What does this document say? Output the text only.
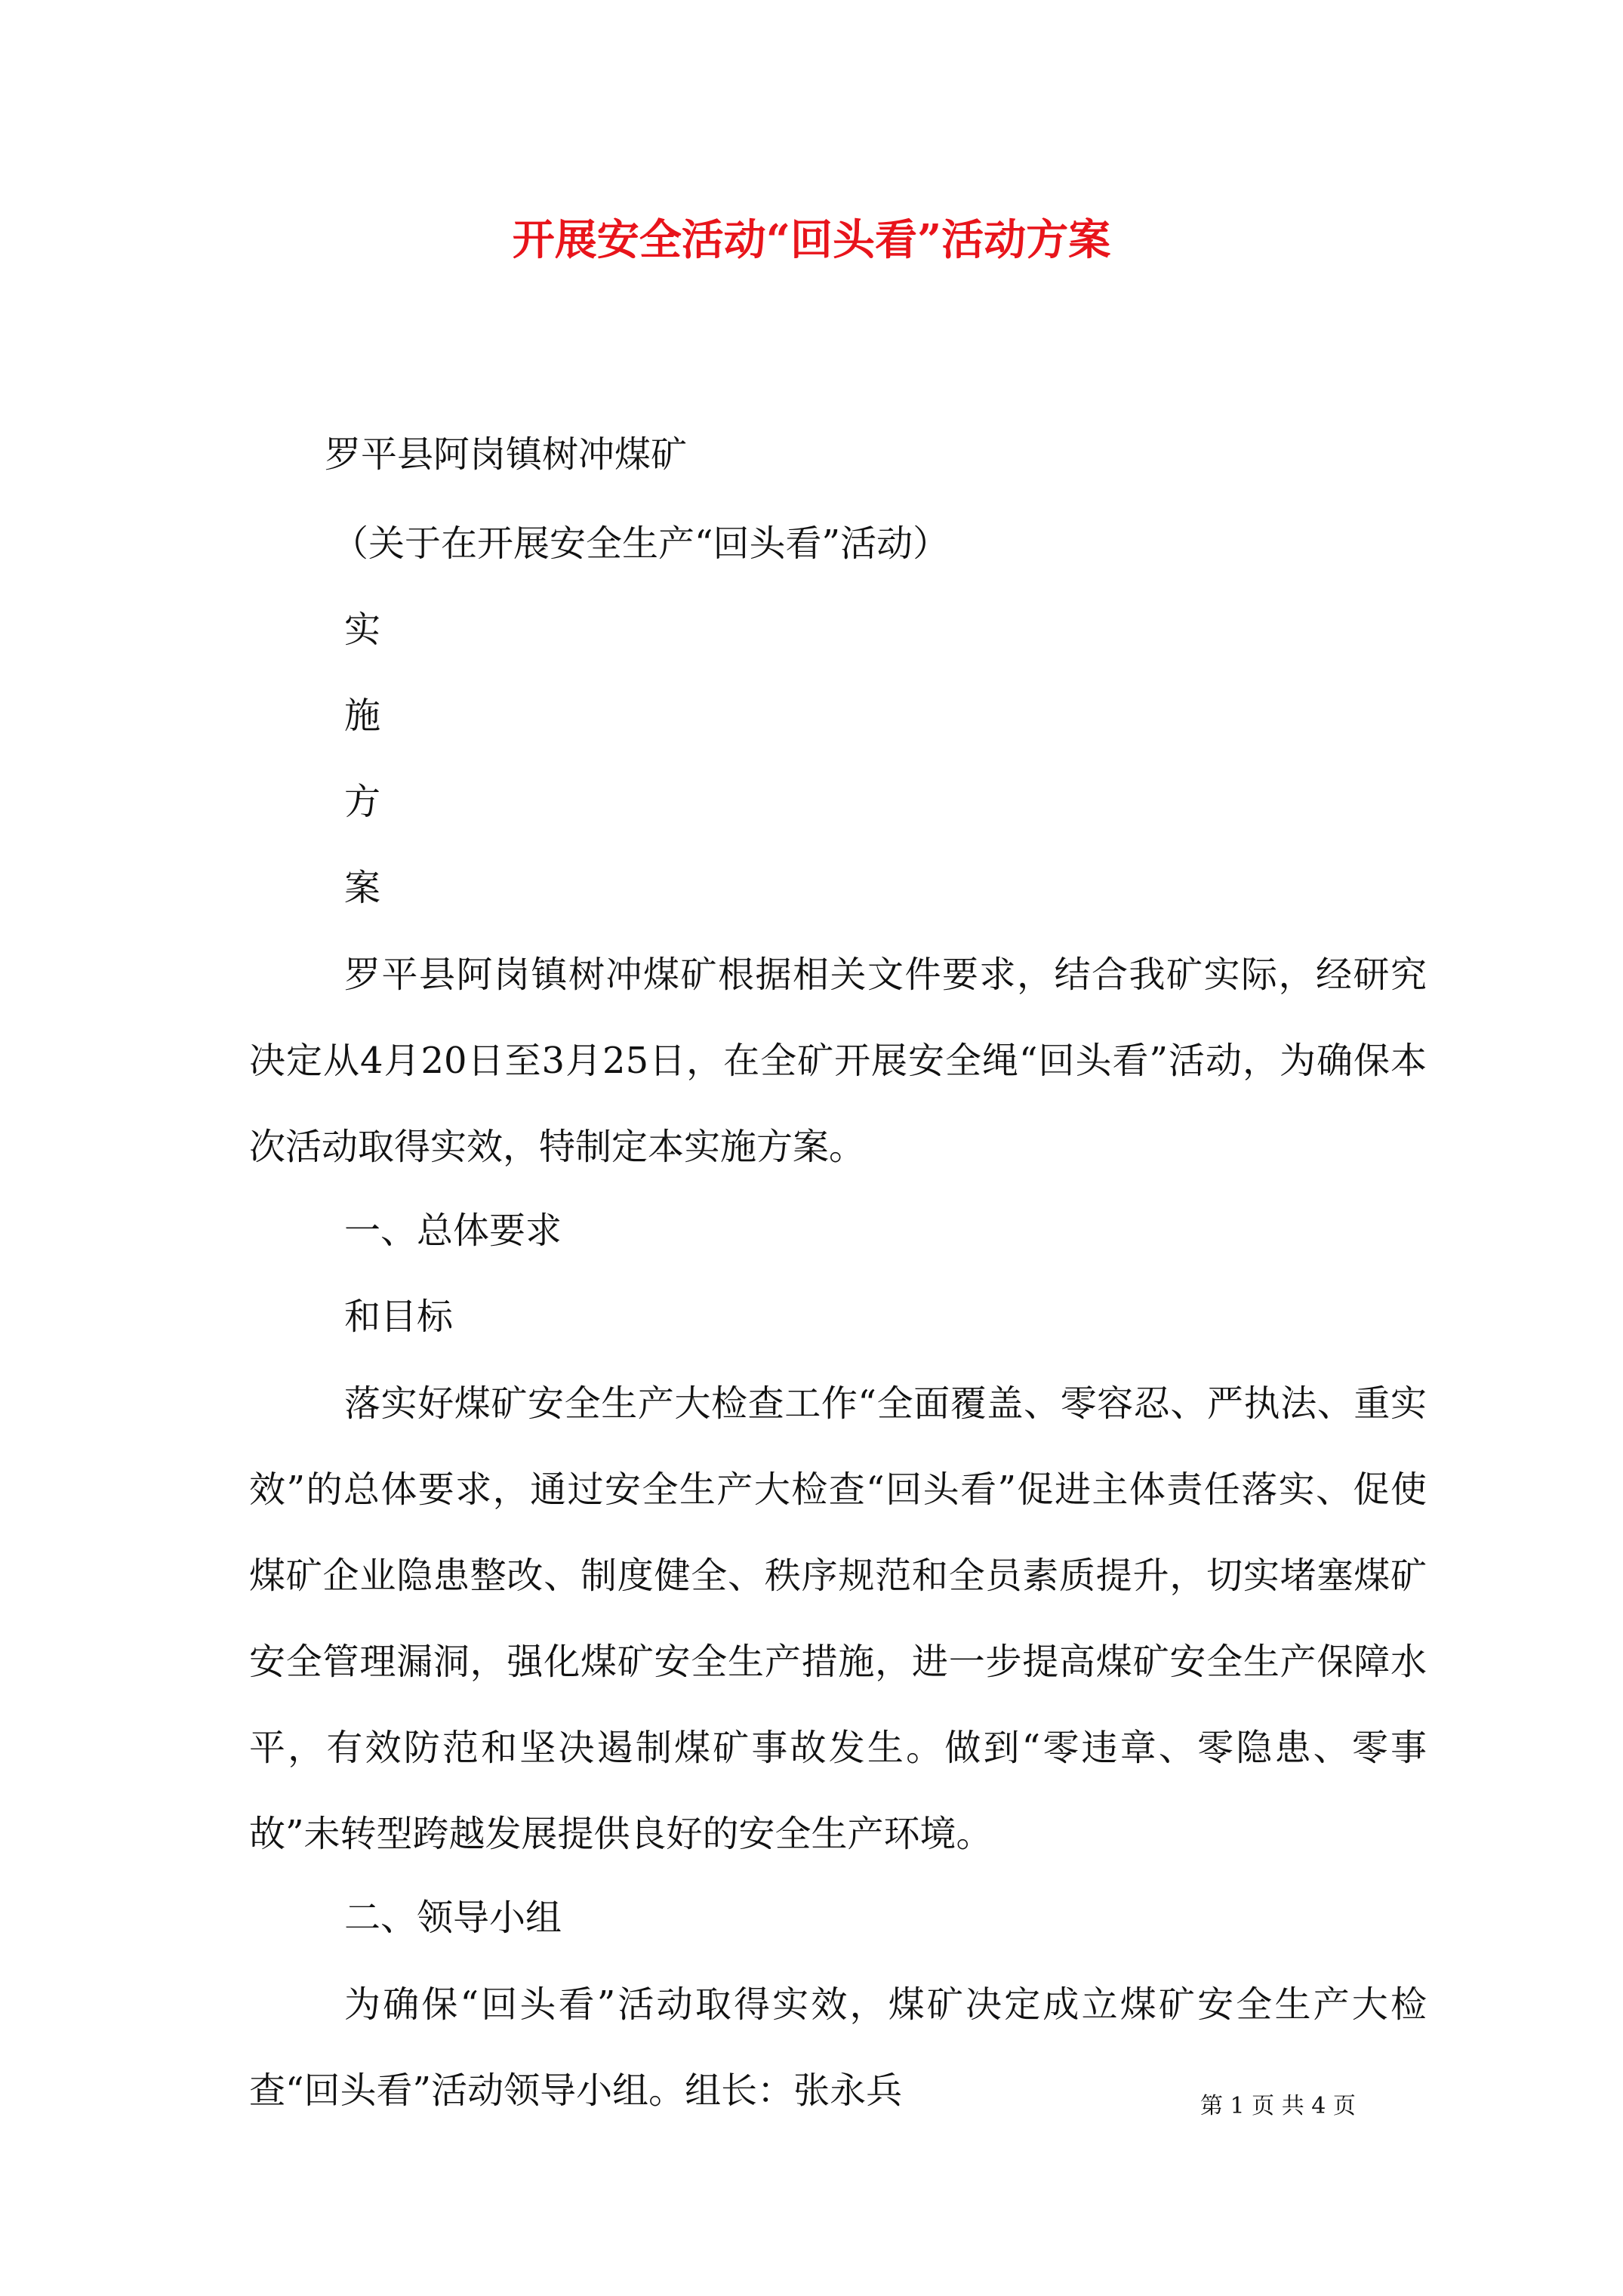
开展安全活动“回头看”活动方案
罗平县阿岗镇树冲煤矿
（关于在开展安全生产“回头看”活动）
实
施
方
案

罗平县阿岗镇树冲煤矿根据相关文件要求，结合我矿实际，经研究决定从4月20日至3月25日，在全矿开展安全绳“回头看”活动，为确保本次活动取得实效，特制定本实施方案。

一、总体要求
和目标

落实好煤矿安全生产大检查工作“全面覆盖、零容忍、严执法、重实效”的总体要求，通过安全生产大检查“回头看”促进主体责任落实、促使煤矿企业隐患整改、制度健全、秩序规范和全员素质提升，切实堵塞煤矿安全管理漏洞，强化煤矿安全生产措施，进一步提高煤矿安全生产保障水平，有效防范和坚决遏制煤矿事故发生。做到“零违章、零隐患、零事故”未转型跨越发展提供良好的安全生产环境。

二、领导小组

为确保“回头看”活动取得实效，煤矿决定成立煤矿安全生产大检查“回头看”活动领导小组。组长：张永兵	第 1 页 共 4 页
